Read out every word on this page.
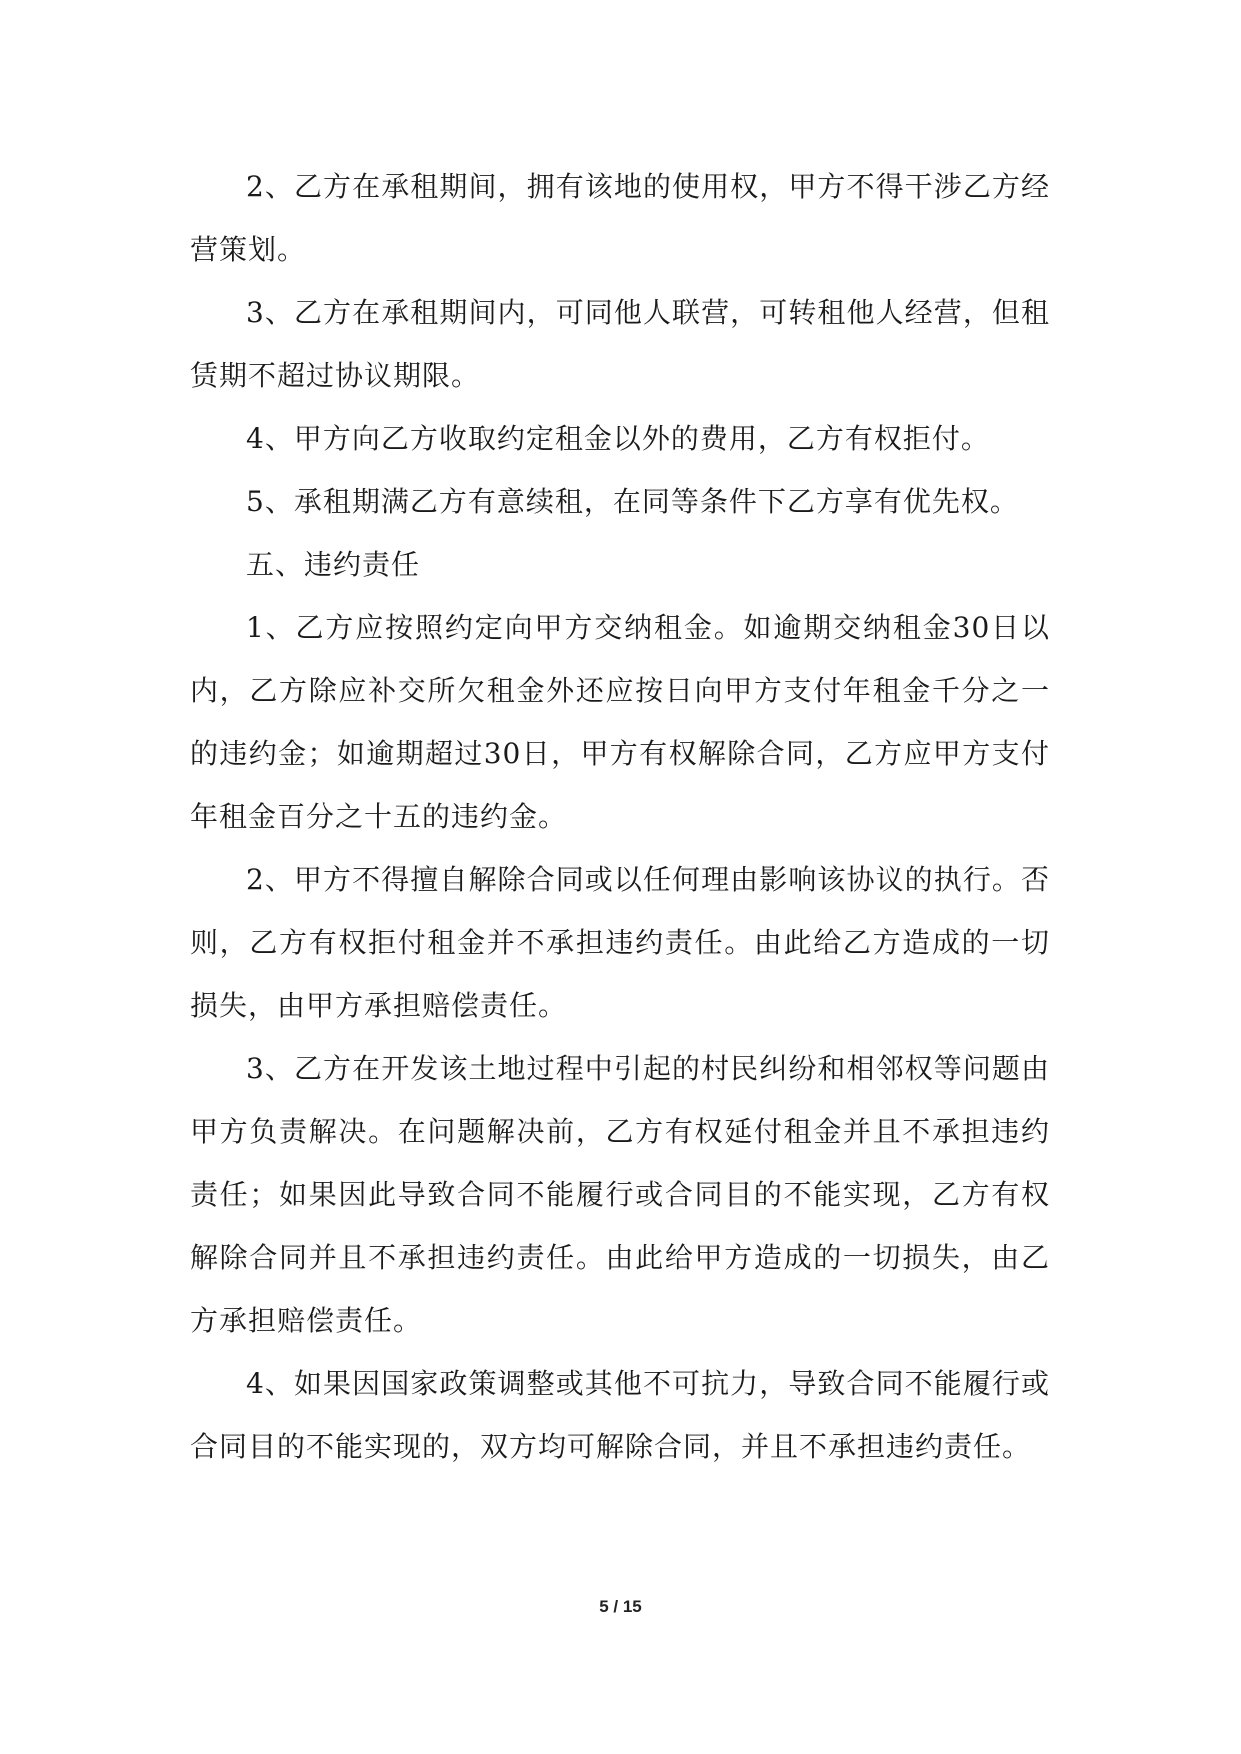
2、乙方在承租期间，拥有该地的使用权，甲方不得干涉乙方经营策划。

3、乙方在承租期间内，可同他人联营，可转租他人经营，但租赁期不超过协议期限。

4、甲方向乙方收取约定租金以外的费用，乙方有权拒付。

5、承租期满乙方有意续租，在同等条件下乙方享有优先权。

五、违约责任

1、乙方应按照约定向甲方交纳租金。如逾期交纳租金30日以内，乙方除应补交所欠租金外还应按日向甲方支付年租金千分之一的违约金；如逾期超过30日，甲方有权解除合同，乙方应甲方支付年租金百分之十五的违约金。

2、甲方不得擅自解除合同或以任何理由影响该协议的执行。否则，乙方有权拒付租金并不承担违约责任。由此给乙方造成的一切损失，由甲方承担赔偿责任。

3、乙方在开发该土地过程中引起的村民纠纷和相邻权等问题由甲方负责解决。在问题解决前，乙方有权延付租金并且不承担违约责任；如果因此导致合同不能履行或合同目的不能实现，乙方有权解除合同并且不承担违约责任。由此给甲方造成的一切损失，由乙方承担赔偿责任。

4、如果因国家政策调整或其他不可抗力，导致合同不能履行或合同目的不能实现的，双方均可解除合同，并且不承担违约责任。

5 / 15
